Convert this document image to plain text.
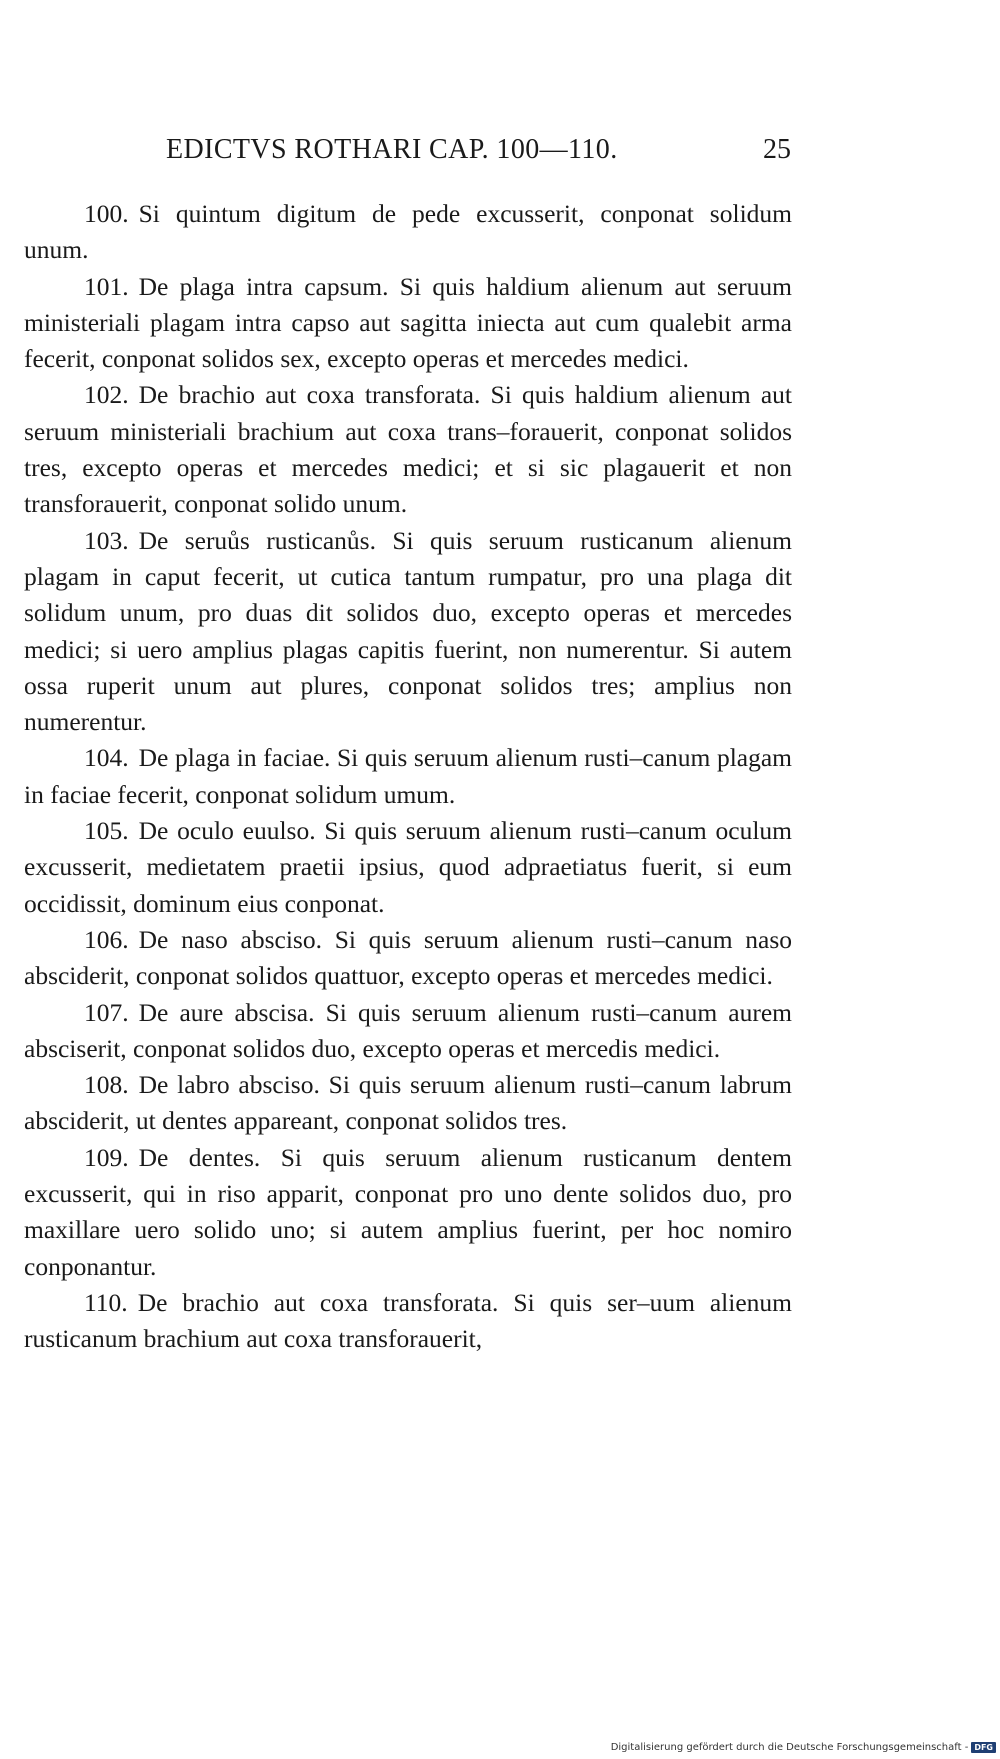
EDICTVS ROTHARI CAP. 100—110.	25

100. Si quintum digitum de pede excusserit, conponat solidum unum.

101. De plaga intra capsum. Si quis haldium alienum aut seruum ministeriali plagam intra capso aut sagitta iniecta aut cum qualebit arma fecerit, conponat solidos sex, excepto operas et mercedes medici.

102. De brachio aut coxa transforata. Si quis haldium alienum aut seruum ministeriali brachium aut coxa trans‒forauerit, conponat solidos tres, excepto operas et mercedes medici; et si sic plagauerit et non transforauerit, conponat solido unum.

103. De seruůs rusticanůs. Si quis seruum rusticanum alienum plagam in caput fecerit, ut cutica tantum rumpatur, pro una plaga dit solidum unum, pro duas dit solidos duo, excepto operas et mercedes medici; si uero amplius plagas capitis fuerint, non numerentur. Si autem ossa ruperit unum aut plures, conponat solidos tres; amplius non numerentur.

104. De plaga in faciae. Si quis seruum alienum rusti‒canum plagam in faciae fecerit, conponat solidum umum.

105. De oculo euulso. Si quis seruum alienum rusti‒canum oculum excusserit, medietatem praetii ipsius, quod adpraetiatus fuerit, si eum occidissit, dominum eius conponat.

106. De naso absciso. Si quis seruum alienum rusti‒canum naso absciderit, conponat solidos quattuor, excepto operas et mercedes medici.

107. De aure abscisa. Si quis seruum alienum rusti‒canum aurem absciserit, conponat solidos duo, excepto operas et mercedis medici.

108. De labro absciso. Si quis seruum alienum rusti‒canum labrum absciderit, ut dentes appareant, conponat solidos tres.

109. De dentes. Si quis seruum alienum rusticanum dentem excusserit, qui in riso apparit, conponat pro uno dente solidos duo, pro maxillare uero solido uno; si autem amplius fuerint, per hoc nomiro conponantur.

110. De brachio aut coxa transforata. Si quis ser‒uum alienum rusticanum brachium aut coxa transforauerit,

Digitalisierung gefördert durch die Deutsche Forschungsgemeinschaft - DFG
